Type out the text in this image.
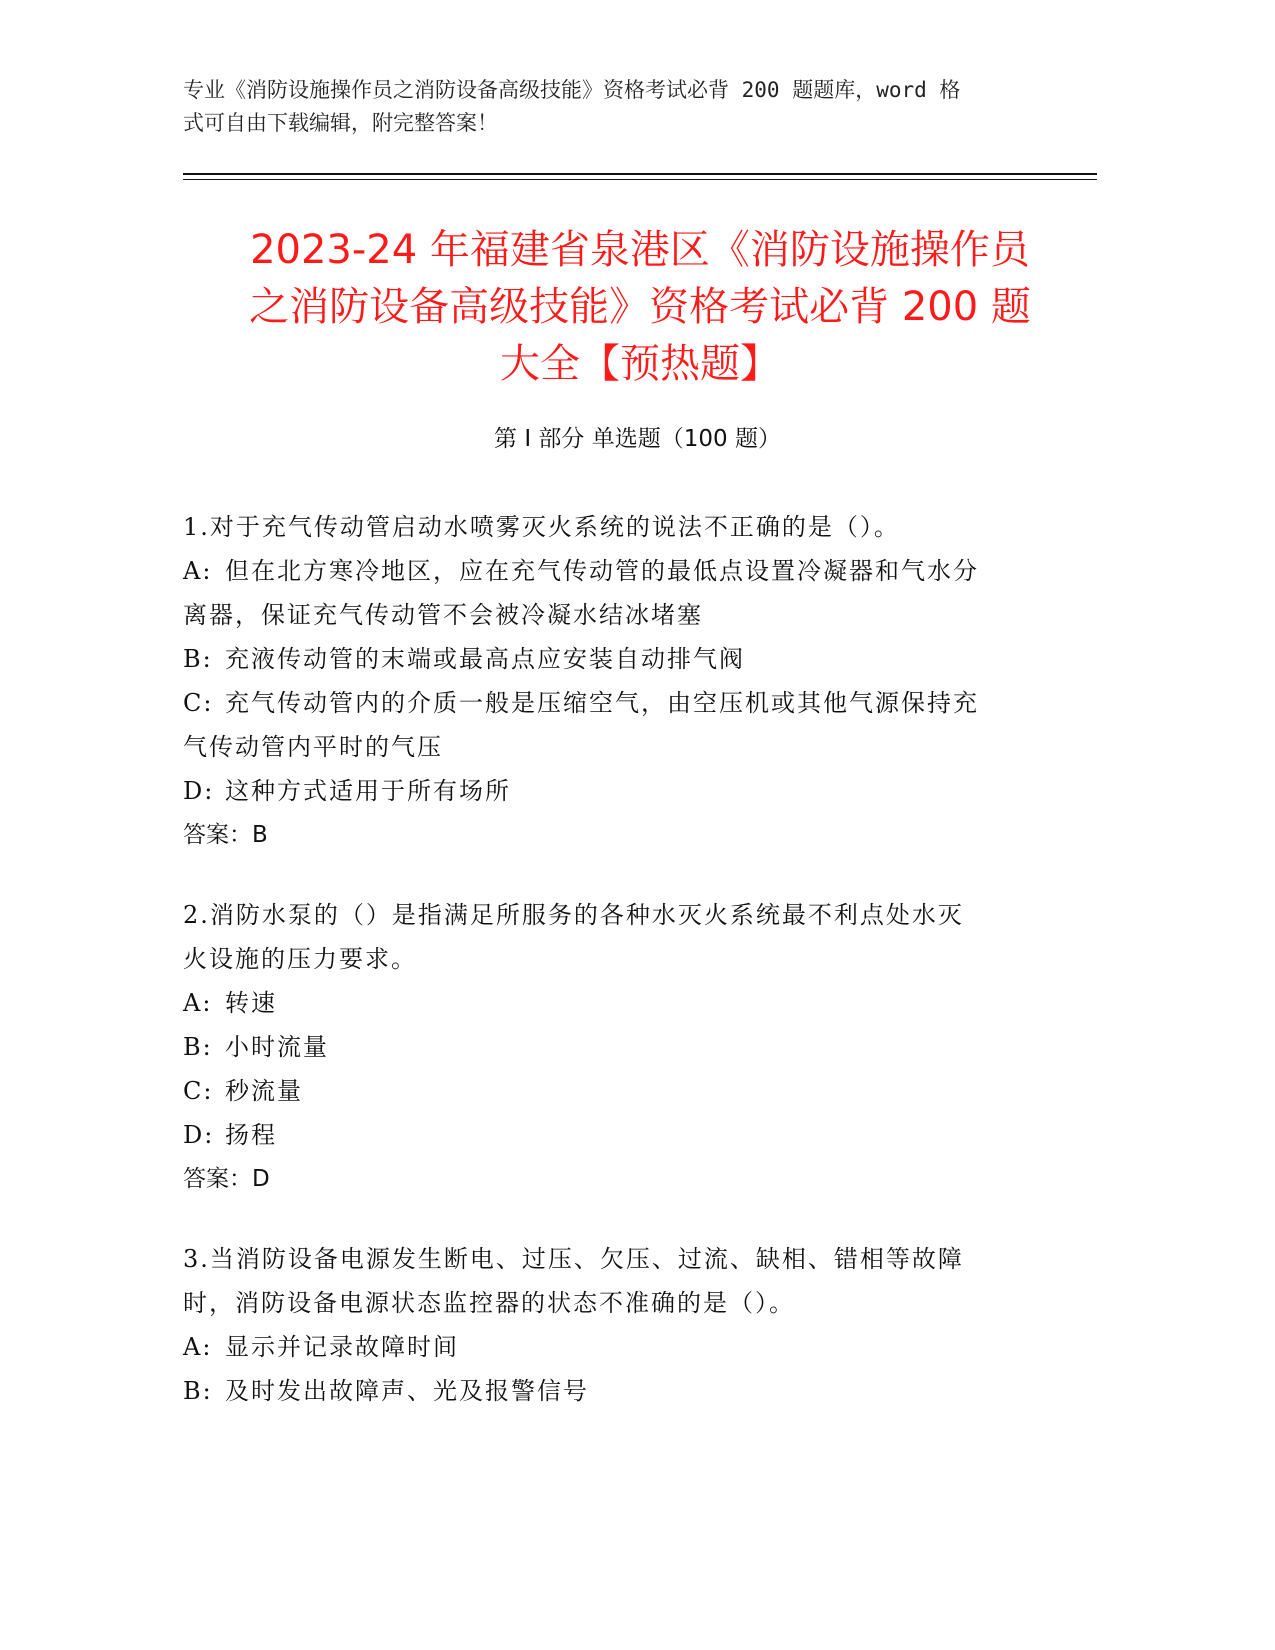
专业《消防设施操作员之消防设备高级技能》资格考试必背 200 题题库，word 格
式可自由下载编辑，附完整答案！
2023-24 年福建省泉港区《消防设施操作员
之消防设备高级技能》资格考试必背 200 题
大全【预热题】
第 I 部分 单选题（100 题）
1.对于充气传动管启动水喷雾灭火系统的说法不正确的是（）。
A: 但在北方寒冷地区，应在充气传动管的最低点设置冷凝器和气水分
离器，保证充气传动管不会被冷凝水结冰堵塞
B: 充液传动管的末端或最高点应安装自动排气阀
C: 充气传动管内的介质一般是压缩空气，由空压机或其他气源保持充
气传动管内平时的气压
D: 这种方式适用于所有场所
答案：B
2.消防水泵的（）是指满足所服务的各种水灭火系统最不利点处水灭
火设施的压力要求。
A: 转速
B: 小时流量
C: 秒流量
D: 扬程
答案：D
3.当消防设备电源发生断电、过压、欠压、过流、缺相、错相等故障
时，消防设备电源状态监控器的状态不准确的是（）。
A: 显示并记录故障时间
B: 及时发出故障声、光及报警信号
